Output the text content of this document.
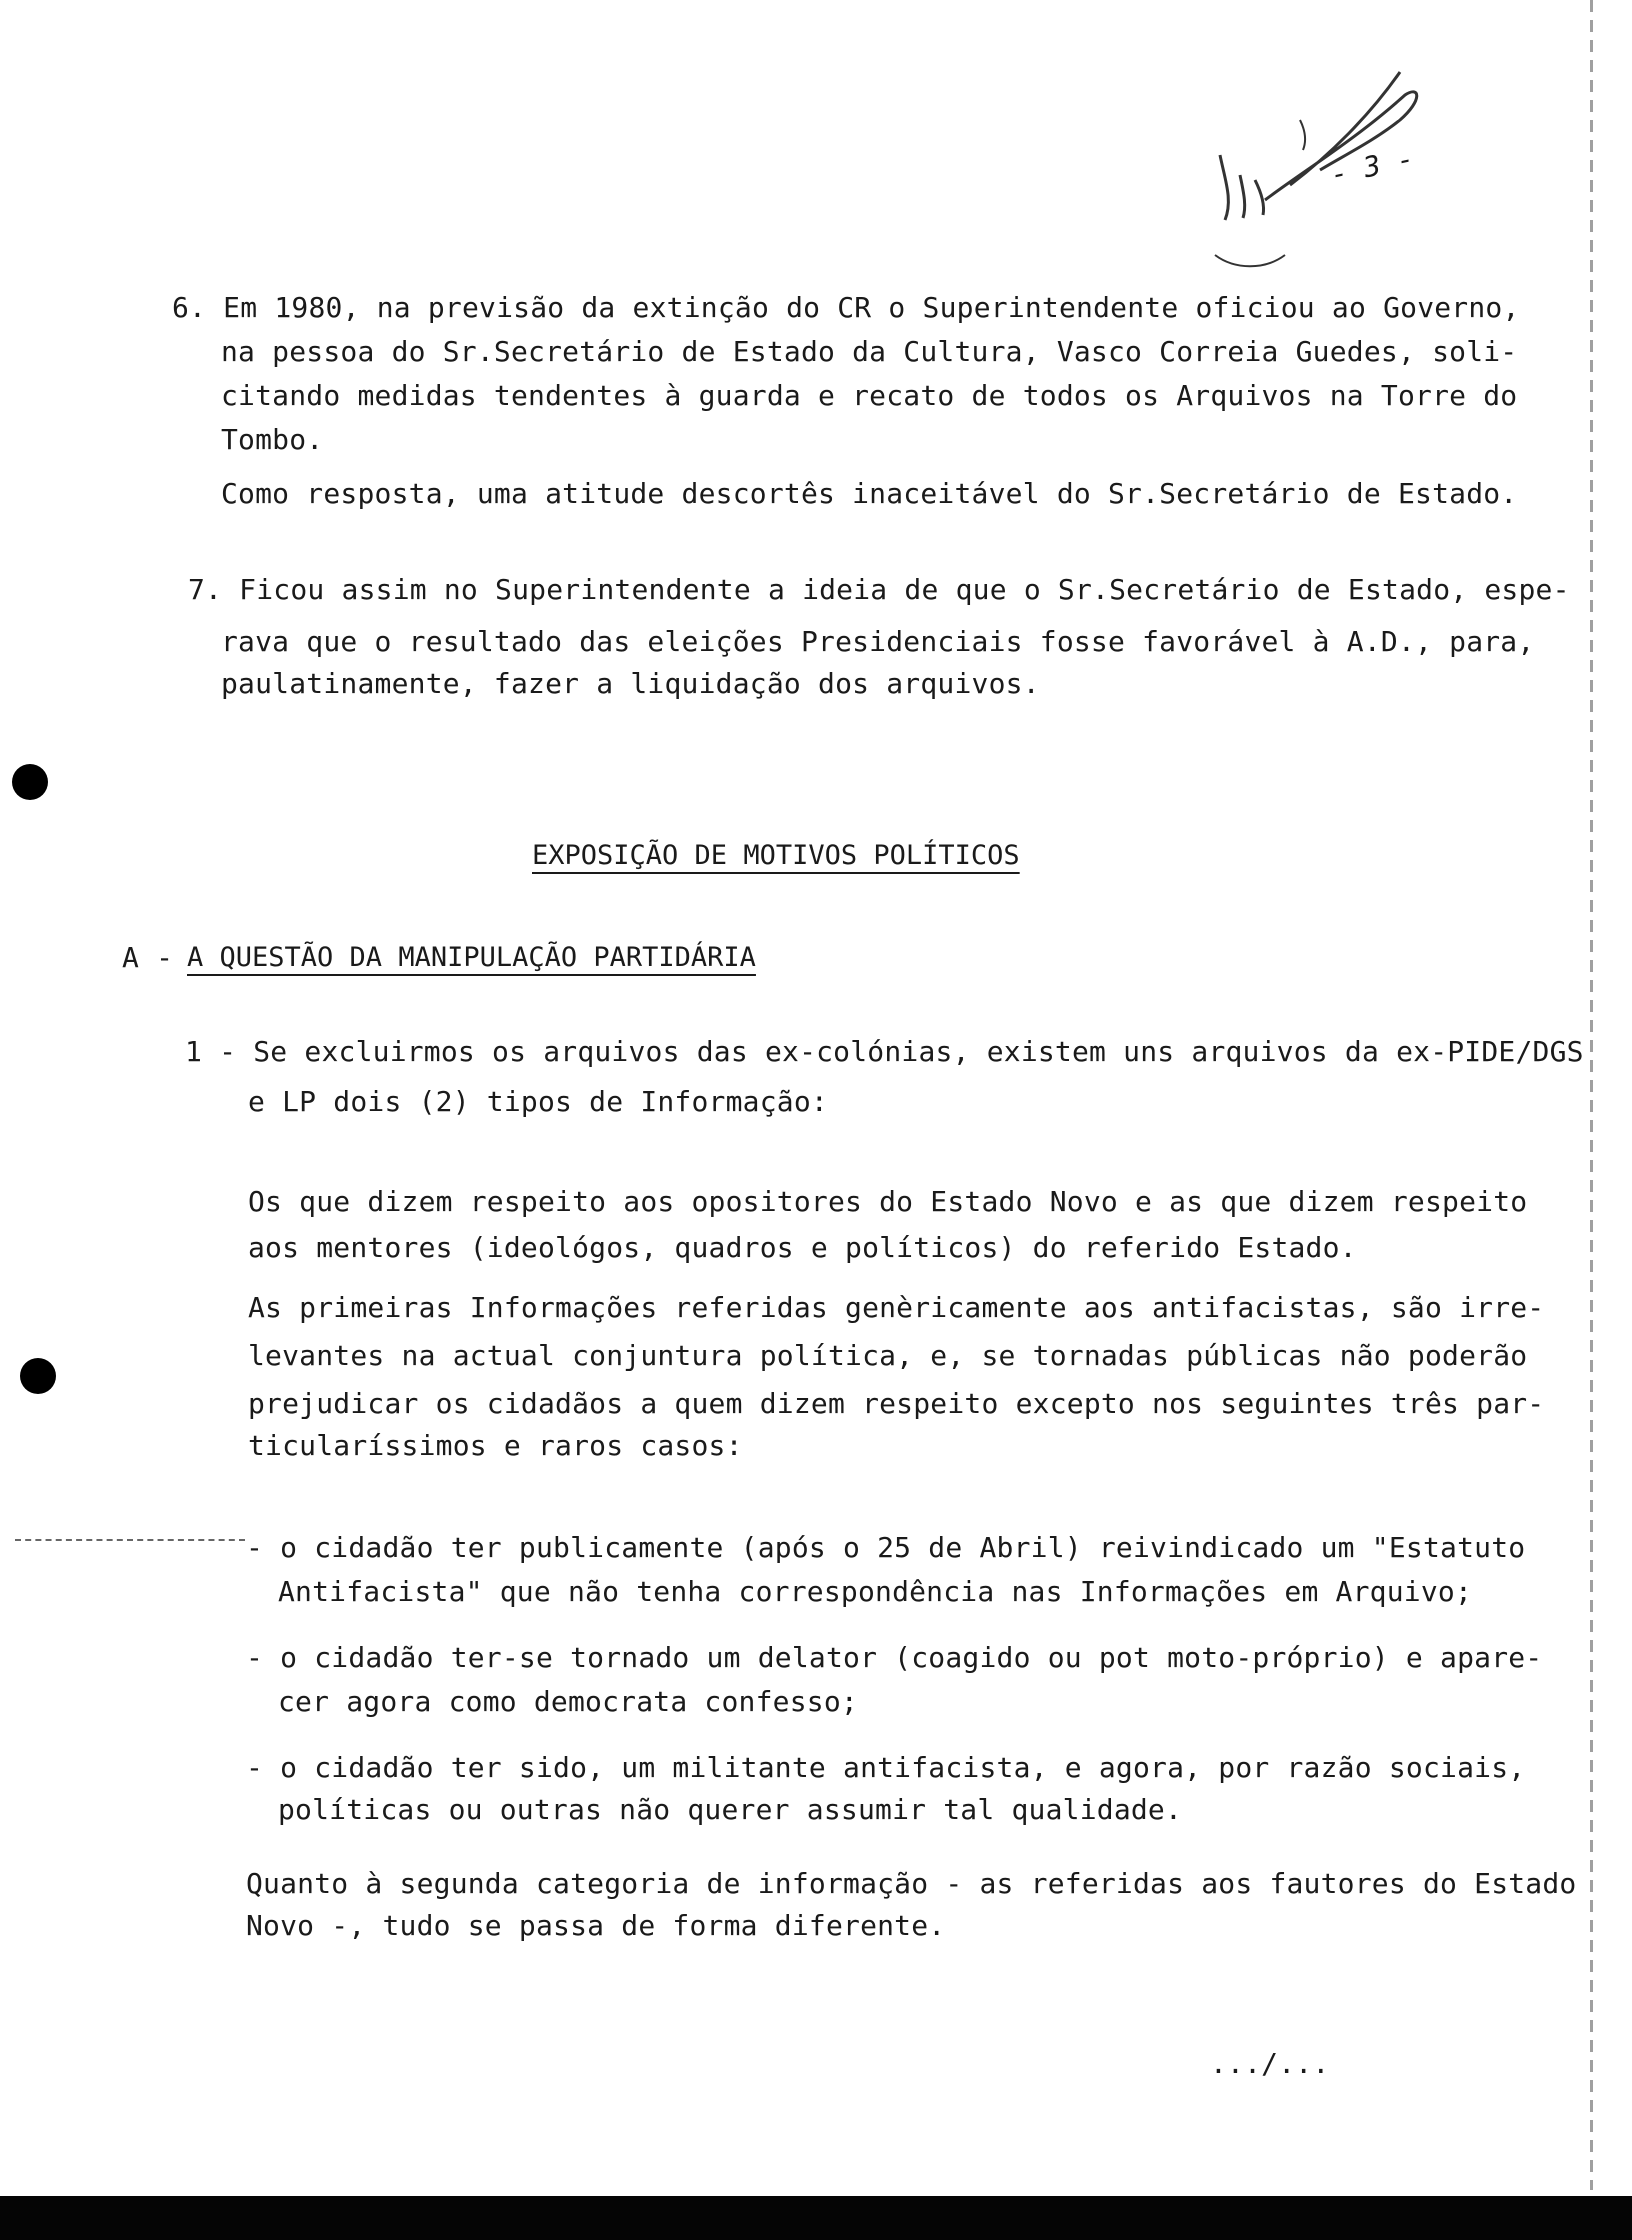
- 3 -
6. Em 1980, na previsão da extinção do CR o Superintendente oficiou ao Governo,
na pessoa do Sr.Secretário de Estado da Cultura, Vasco Correia Guedes, soli-
citando medidas tendentes à guarda e recato de todos os Arquivos na Torre do
Tombo.
Como resposta, uma atitude descortês inaceitável do Sr.Secretário de Estado.
7. Ficou assim no Superintendente a ideia de que o Sr.Secretário de Estado, espe-
rava que o resultado das eleições Presidenciais fosse favorável à A.D., para,
paulatinamente, fazer a liquidação dos arquivos.
EXPOSIÇÃO DE MOTIVOS POLÍTICOS
A -
A QUESTÃO DA MANIPULAÇÃO PARTIDÁRIA
1 - Se excluirmos os arquivos das ex-colónias, existem uns arquivos da ex-PIDE/DGS
e LP dois (2) tipos de Informação:
Os que dizem respeito aos opositores do Estado Novo e as que dizem respeito
aos mentores (ideológos, quadros e políticos) do referido Estado.
As primeiras Informações referidas genèricamente aos antifacistas, são irre-
levantes na actual conjuntura política, e, se tornadas públicas não poderão
prejudicar os cidadãos a quem dizem respeito excepto nos seguintes três par-
ticularíssimos e raros casos:
- o cidadão ter publicamente (após o 25 de Abril) reivindicado um "Estatuto
Antifacista" que não tenha correspondência nas Informações em Arquivo;
- o cidadão ter-se tornado um delator (coagido ou pot moto-próprio) e apare-
cer agora como democrata confesso;
- o cidadão ter sido, um militante antifacista, e agora, por razão sociais,
políticas ou outras não querer assumir tal qualidade.
Quanto à segunda categoria de informação - as referidas aos fautores do Estado
Novo -, tudo se passa de forma diferente.
.../...
